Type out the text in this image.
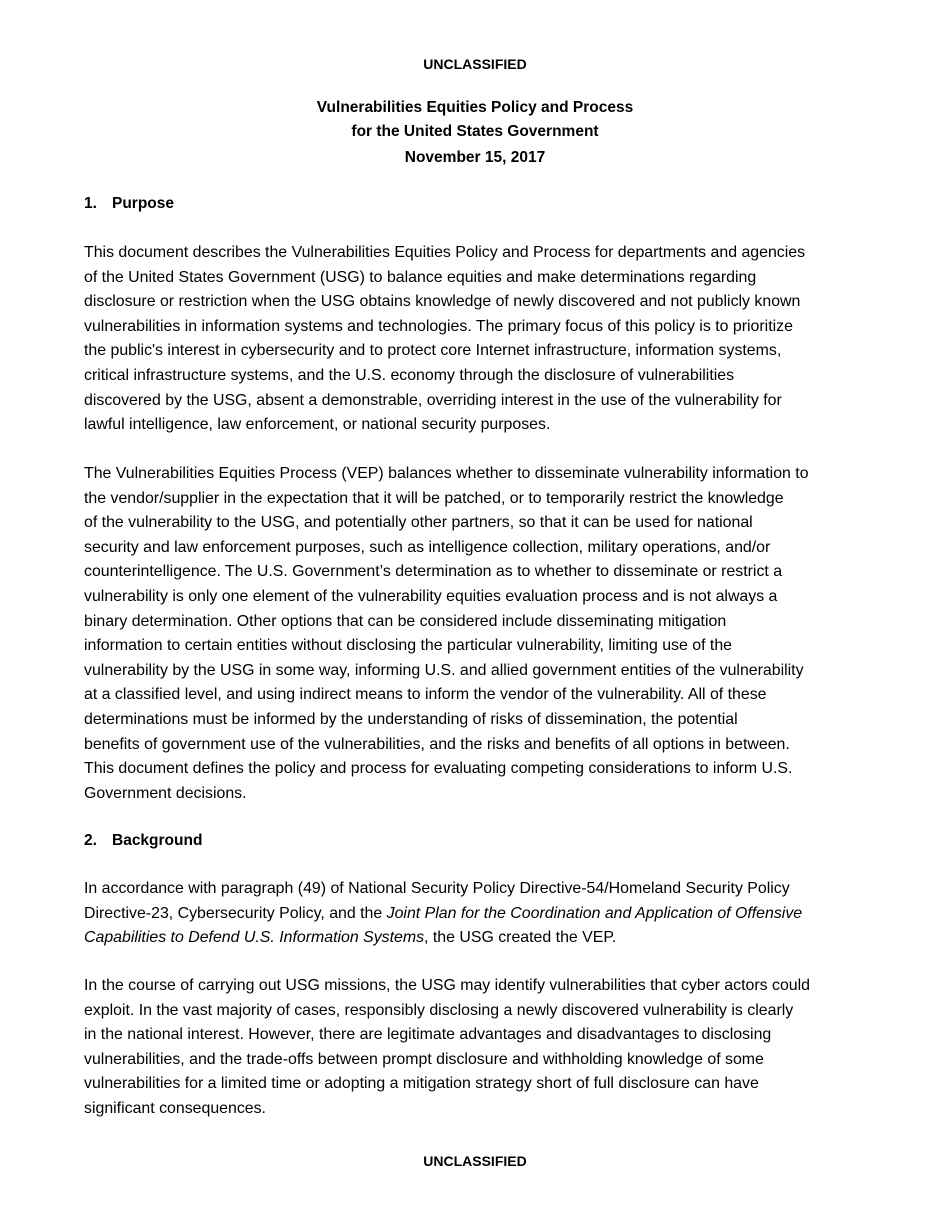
UNCLASSIFIED
Vulnerabilities Equities Policy and Process
for the United States Government
November 15, 2017
1. Purpose

This document describes the Vulnerabilities Equities Policy and Process for departments and agencies
of the United States Government (USG) to balance equities and make determinations regarding
disclosure or restriction when the USG obtains knowledge of newly discovered and not publicly known
vulnerabilities in information systems and technologies. The primary focus of this policy is to prioritize
the public's interest in cybersecurity and to protect core Internet infrastructure, information systems,
critical infrastructure systems, and the U.S. economy through the disclosure of vulnerabilities
discovered by the USG, absent a demonstrable, overriding interest in the use of the vulnerability for
lawful intelligence, law enforcement, or national security purposes.

The Vulnerabilities Equities Process (VEP) balances whether to disseminate vulnerability information to
the vendor/supplier in the expectation that it will be patched, or to temporarily restrict the knowledge
of the vulnerability to the USG, and potentially other partners, so that it can be used for national
security and law enforcement purposes, such as intelligence collection, military operations, and/or
counterintelligence. The U.S. Government’s determination as to whether to disseminate or restrict a
vulnerability is only one element of the vulnerability equities evaluation process and is not always a
binary determination. Other options that can be considered include disseminating mitigation
information to certain entities without disclosing the particular vulnerability, limiting use of the
vulnerability by the USG in some way, informing U.S. and allied government entities of the vulnerability
at a classified level, and using indirect means to inform the vendor of the vulnerability. All of these
determinations must be informed by the understanding of risks of dissemination, the potential
benefits of government use of the vulnerabilities, and the risks and benefits of all options in between.
This document defines the policy and process for evaluating competing considerations to inform U.S.
Government decisions.

2. Background

In accordance with paragraph (49) of National Security Policy Directive-54/Homeland Security Policy
Directive-23, Cybersecurity Policy, and the Joint Plan for the Coordination and Application of Offensive
Capabilities to Defend U.S. Information Systems, the USG created the VEP.

In the course of carrying out USG missions, the USG may identify vulnerabilities that cyber actors could
exploit. In the vast majority of cases, responsibly disclosing a newly discovered vulnerability is clearly
in the national interest. However, there are legitimate advantages and disadvantages to disclosing
vulnerabilities, and the trade-offs between prompt disclosure and withholding knowledge of some
vulnerabilities for a limited time or adopting a mitigation strategy short of full disclosure can have
significant consequences.

UNCLASSIFIED
